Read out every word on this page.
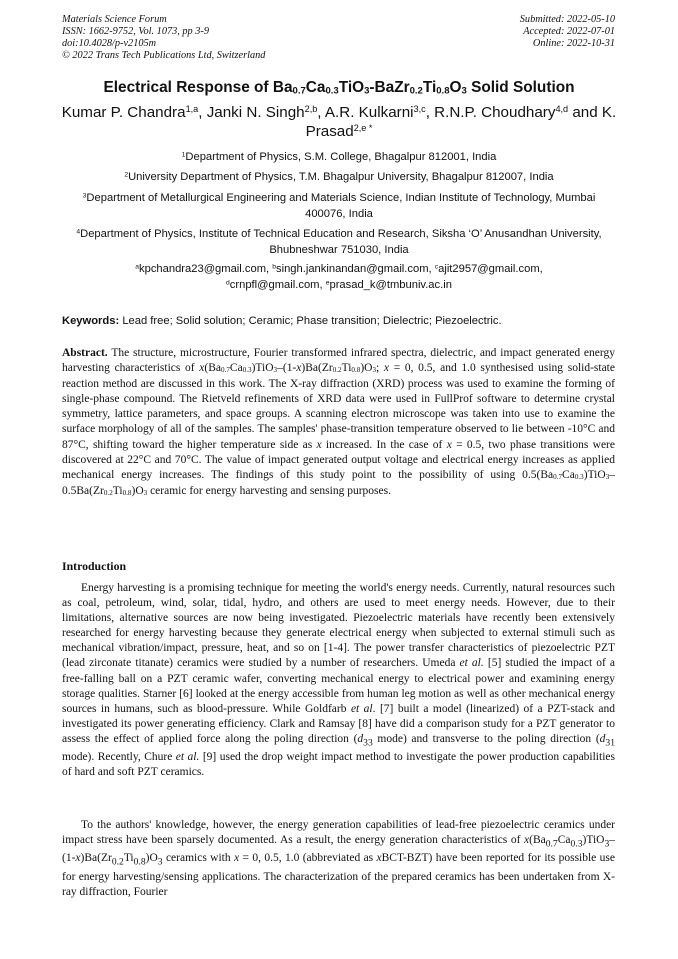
Materials Science Forum
ISSN: 1662-9752, Vol. 1073, pp 3-9
doi:10.4028/p-v2105m
© 2022 Trans Tech Publications Ltd, Switzerland
Submitted: 2022-05-10
Accepted: 2022-07-01
Online: 2022-10-31
Electrical Response of $Ba_{0.7}Ca_{0.3}TiO_3-BaZr_{0.2}Ti_{0.8}O_3$ Solid Solution
Kumar P. Chandra$^{1,a}$, Janki N. Singh$^{2,b}$, A.R. Kulkarni$^{3,c}$, R.N.P. Choudhary$^{4,d}$ and K. Prasad$^{2,e *}$
$^1$Department of Physics, S.M. College, Bhagalpur 812001, India
$^2$University Department of Physics, T.M. Bhagalpur University, Bhagalpur 812007, India
$^3$Department of Metallurgical Engineering and Materials Science, Indian Institute of Technology, Mumbai 400076, India
$^4$Department of Physics, Institute of Technical Education and Research, Siksha ‘O’ Anusandhan University, Bhubneshwar 751030, India
$^a$kpchandra23@gmail.com, $^b$singh.jankinandan@gmail.com, $^c$ajit2957@gmail.com,
$^d$crnpfl@gmail.com, $^e$prasad_k@tmbuniv.ac.in
Keywords: Lead free; Solid solution; Ceramic; Phase transition; Dielectric; Piezoelectric.
Abstract. The structure, microstructure, Fourier transformed infrared spectra, dielectric, and impact generated energy harvesting characteristics of $x(Ba_{0.7}Ca_{0.3})TiO_3-(1-x)Ba(Zr_{0.2}Ti_{0.8})O_3$; x = 0, 0.5, and 1.0 synthesised using solid-state reaction method are discussed in this work. The X-ray diffraction (XRD) process was used to examine the forming of single-phase compound. The Rietveld refinements of XRD data were used in FullProf software to determine crystal symmetry, lattice parameters, and space groups. A scanning electron microscope was taken into use to examine the surface morphology of all of the samples. The samples' phase-transition temperature observed to lie between -10°C and 87°C, shifting toward the higher temperature side as x increased. In the case of x = 0.5, two phase transitions were discovered at 22°C and 70°C. The value of impact generated output voltage and electrical energy increases as applied mechanical energy increases. The findings of this study point to the possibility of using $0.5(Ba_{0.7}Ca_{0.3})TiO_3-0.5Ba(Zr_{0.2}Ti_{0.8})O_3$ ceramic for energy harvesting and sensing purposes.
Introduction
Energy harvesting is a promising technique for meeting the world's energy needs. Currently, natural resources such as coal, petroleum, wind, solar, tidal, hydro, and others are used to meet energy needs. However, due to their limitations, alternative sources are now being investigated. Piezoelectric materials have recently been extensively researched for energy harvesting because they generate electrical energy when subjected to external stimuli such as mechanical vibration/impact, pressure, heat, and so on [1-4]. The power transfer characteristics of piezoelectric PZT (lead zirconate titanate) ceramics were studied by a number of researchers. Umeda et al. [5] studied the impact of a free-falling ball on a PZT ceramic wafer, converting mechanical energy to electrical power and examining energy storage qualities. Starner [6] looked at the energy accessible from human leg motion as well as other mechanical energy sources in humans, such as blood-pressure. While Goldfarb et al. [7] built a model (linearized) of a PZT-stack and investigated its power generating efficiency. Clark and Ramsay [8] have did a comparison study for a PZT generator to assess the effect of applied force along the poling direction ($d_{33}$ mode) and transverse to the poling direction ($d_{31}$ mode). Recently, Chure et al. [9] used the drop weight impact method to investigate the power production capabilities of hard and soft PZT ceramics.
To the authors' knowledge, however, the energy generation capabilities of lead-free piezoelectric ceramics under impact stress have been sparsely documented. As a result, the energy generation characteristics of $x(Ba_{0.7}Ca_{0.3})TiO_3-(1-x)Ba(Zr_{0.2}Ti_{0.8})O_3$ ceramics with x = 0, 0.5, 1.0 (abbreviated as xBCT-BZT) have been reported for its possible use for energy harvesting/sensing applications. The characterization of the prepared ceramics has been undertaken from X-ray diffraction, Fourier
